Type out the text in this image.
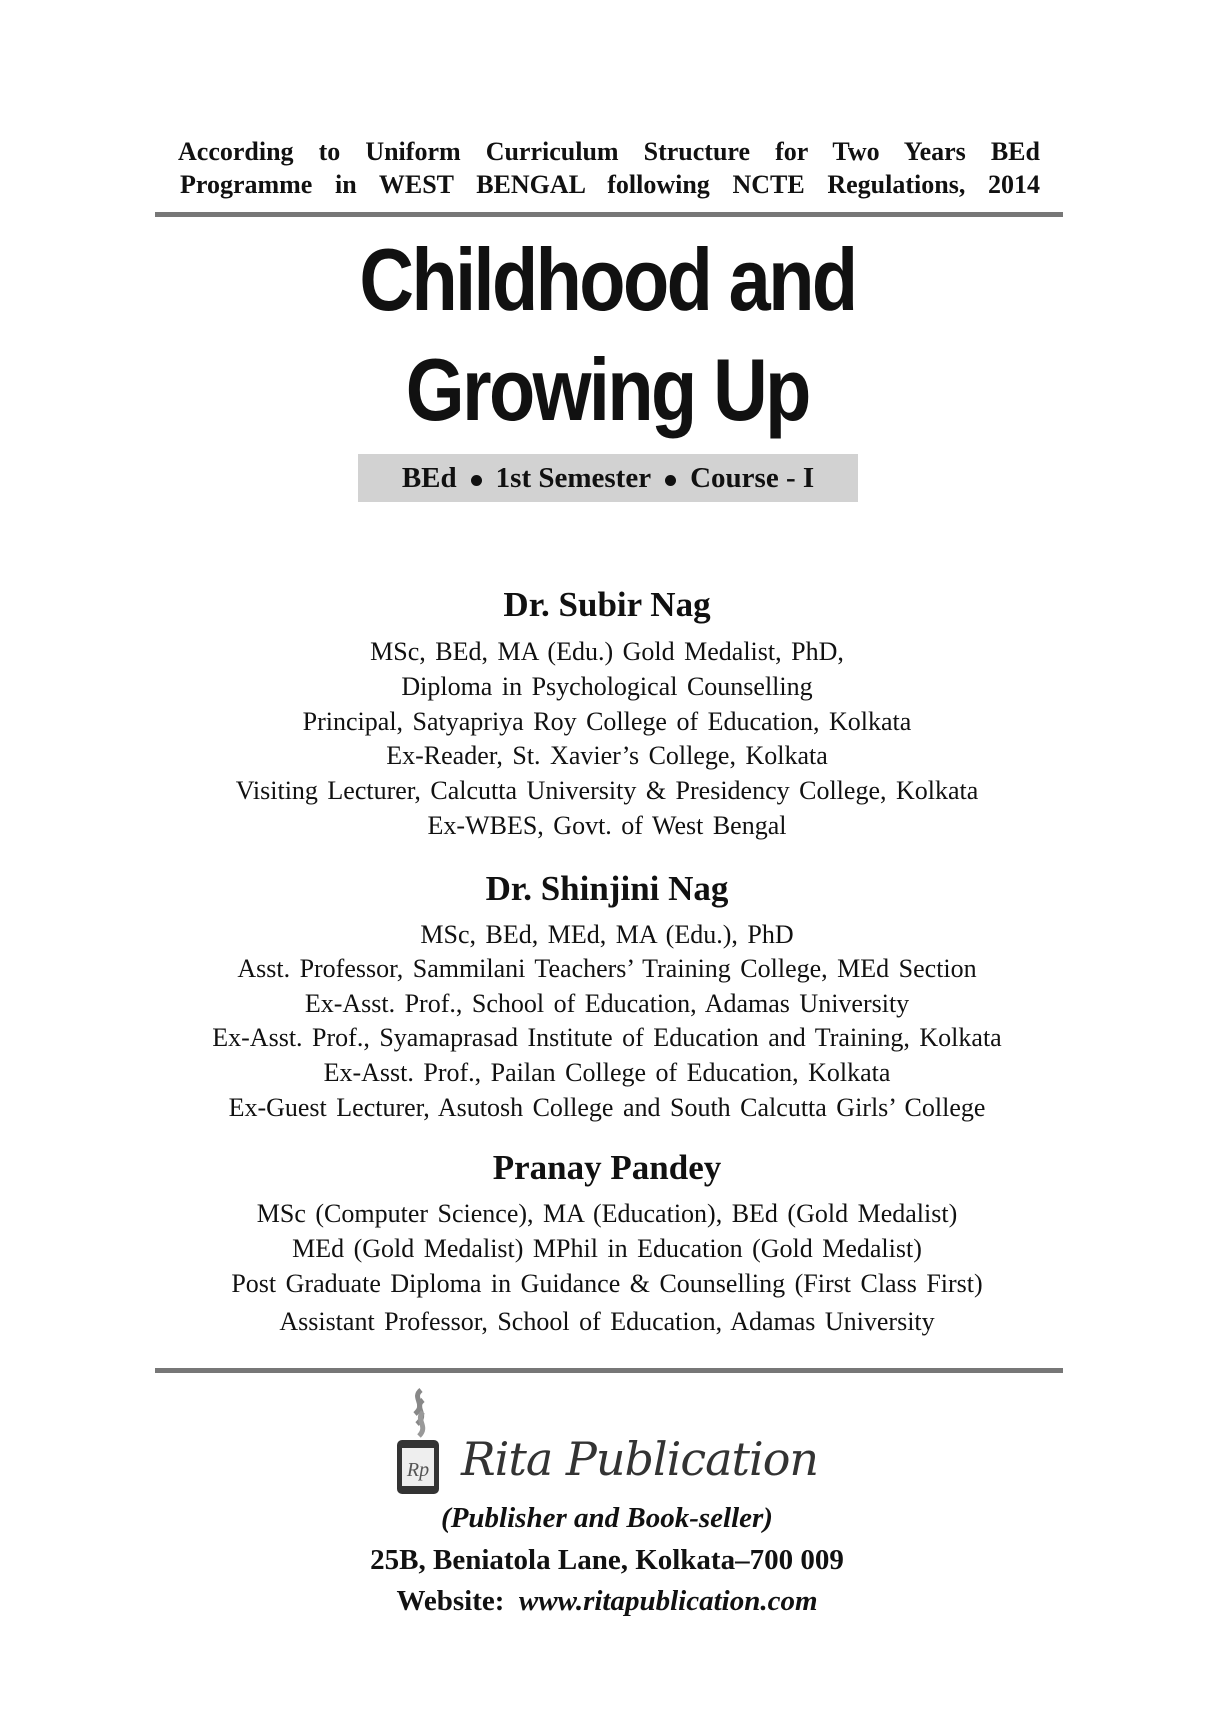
According to Uniform Curriculum Structure for Two Years BEd
Programme in WEST BENGAL following NCTE Regulations, 2014
Childhood and
Growing Up
BEd 1st Semester Course - I
Dr. Subir Nag
MSc, BEd, MA (Edu.) Gold Medalist, PhD,
Diploma in Psychological Counselling
Principal, Satyapriya Roy College of Education, Kolkata
Ex-Reader, St. Xavier’s College, Kolkata
Visiting Lecturer, Calcutta University & Presidency College, Kolkata
Ex-WBES, Govt. of West Bengal
Dr. Shinjini Nag
MSc, BEd, MEd, MA (Edu.), PhD
Asst. Professor, Sammilani Teachers’ Training College, MEd Section
Ex-Asst. Prof., School of Education, Adamas University
Ex-Asst. Prof., Syamaprasad Institute of Education and Training, Kolkata
Ex-Asst. Prof., Pailan College of Education, Kolkata
Ex-Guest Lecturer, Asutosh College and South Calcutta Girls’ College
Pranay Pandey
MSc (Computer Science), MA (Education), BEd (Gold Medalist)
MEd (Gold Medalist) MPhil in Education (Gold Medalist)
Post Graduate Diploma in Guidance & Counselling (First Class First)
Assistant Professor, School of Education, Adamas University
Rp Rita Publication
(Publisher and Book-seller)
25B, Beniatola Lane, Kolkata–700 009
Website: www.ritapublication.com
